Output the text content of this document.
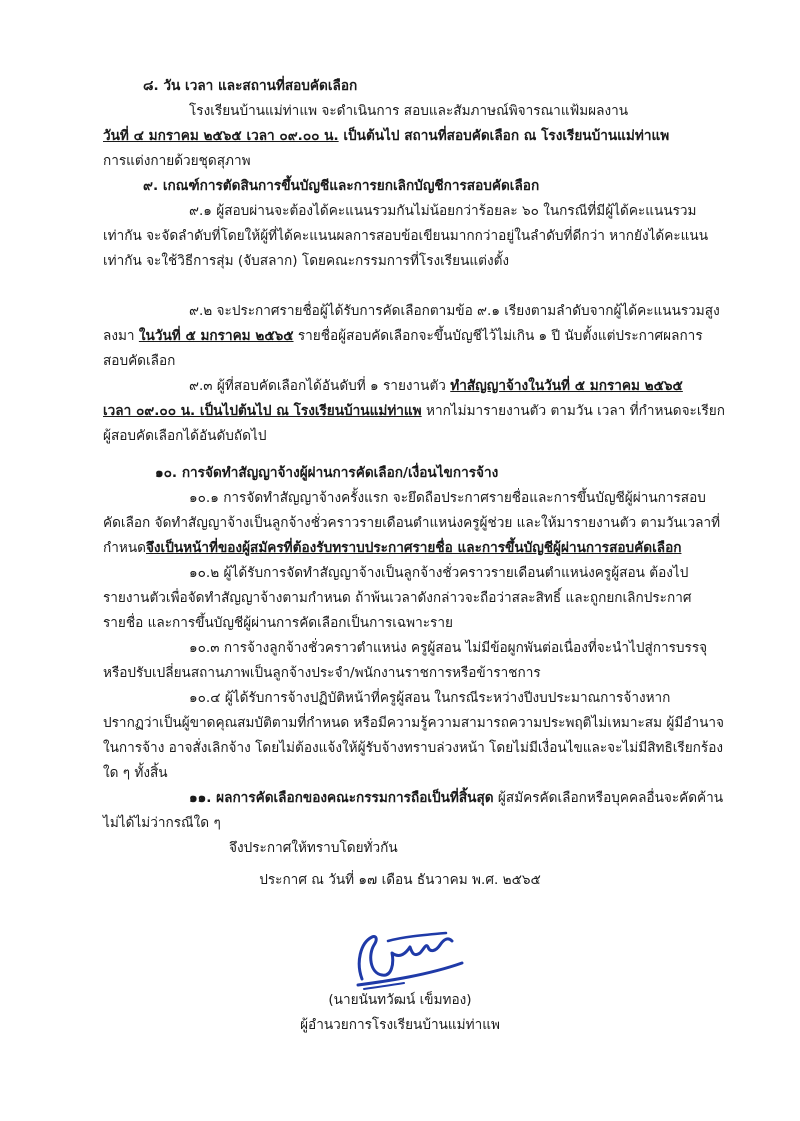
๘. วัน เวลา และสถานที่สอบคัดเลือก
โรงเรียนบ้านแม่ท่าแพ จะดำเนินการ สอบและสัมภาษณ์พิจารณาแฟ้มผลงาน
วันที่ ๔ มกราคม ๒๕๖๕ เวลา ๐๙.๐๐ น. เป็นต้นไป สถานที่สอบคัดเลือก ณ โรงเรียนบ้านแม่ท่าแพ
การแต่งกายด้วยชุดสุภาพ
๙. เกณฑ์การตัดสินการขึ้นบัญชีและการยกเลิกบัญชีการสอบคัดเลือก
๙.๑ ผู้สอบผ่านจะต้องได้คะแนนรวมกันไม่น้อยกว่าร้อยละ ๖๐ ในกรณีที่มีผู้ได้คะแนนรวม
เท่ากัน จะจัดลำดับที่โดยให้ผู้ที่ได้คะแนนผลการสอบข้อเขียนมากกว่าอยู่ในลำดับที่ดีกว่า หากยังได้คะแนน
เท่ากัน จะใช้วิธีการสุ่ม (จับสลาก) โดยคณะกรรมการที่โรงเรียนแต่งตั้ง
๙.๒ จะประกาศรายชื่อผู้ได้รับการคัดเลือกตามข้อ ๙.๑ เรียงตามลำดับจากผู้ได้คะแนนรวมสูง
ลงมา ในวันที่ ๕ มกราคม ๒๕๖๕ รายชื่อผู้สอบคัดเลือกจะขึ้นบัญชีไว้ไม่เกิน ๑ ปี นับตั้งแต่ประกาศผลการ
สอบคัดเลือก
๙.๓ ผู้ที่สอบคัดเลือกได้อันดับที่ ๑ รายงานตัว ทำสัญญาจ้างในวันที่ ๕ มกราคม ๒๕๖๕
เวลา ๐๙.๐๐ น. เป็นไปต้นไป ณ โรงเรียนบ้านแม่ท่าแพ หากไม่มารายงานตัว ตามวัน เวลา ที่กำหนดจะเรียก
ผู้สอบคัดเลือกได้อันดับถัดไป
๑๐. การจัดทำสัญญาจ้างผู้ผ่านการคัดเลือก/เงื่อนไขการจ้าง
๑๐.๑ การจัดทำสัญญาจ้างครั้งแรก จะยึดถือประกาศรายชื่อและการขึ้นบัญชีผู้ผ่านการสอบ
คัดเลือก จัดทำสัญญาจ้างเป็นลูกจ้างชั่วคราวรายเดือนตำแหน่งครูผู้ช่วย และให้มารายงานตัว ตามวันเวลาที่
กำหนดจึงเป็นหน้าที่ของผู้สมัครที่ต้องรับทราบประกาศรายชื่อ และการขึ้นบัญชีผู้ผ่านการสอบคัดเลือก
๑๐.๒ ผู้ได้รับการจัดทำสัญญาจ้างเป็นลูกจ้างชั่วคราวรายเดือนตำแหน่งครูผู้สอน ต้องไป
รายงานตัวเพื่อจัดทำสัญญาจ้างตามกำหนด ถ้าพ้นเวลาดังกล่าวจะถือว่าสละสิทธิ์ และถูกยกเลิกประกาศ
รายชื่อ และการขึ้นบัญชีผู้ผ่านการคัดเลือกเป็นการเฉพาะราย
๑๐.๓ การจ้างลูกจ้างชั่วคราวตำแหน่ง ครูผู้สอน ไม่มีข้อผูกพันต่อเนื่องที่จะนำไปสู่การบรรจุ
หรือปรับเปลี่ยนสถานภาพเป็นลูกจ้างประจำ/พนักงานราชการหรือข้าราชการ
๑๐.๔ ผู้ได้รับการจ้างปฏิบัติหน้าที่ครูผู้สอน ในกรณีระหว่างปีงบประมาณการจ้างหาก
ปรากฏว่าเป็นผู้ขาดคุณสมบัติตามที่กำหนด หรือมีความรู้ความสามารถความประพฤติไม่เหมาะสม ผู้มีอำนาจ
ในการจ้าง อาจสั่งเลิกจ้าง โดยไม่ต้องแจ้งให้ผู้รับจ้างทราบล่วงหน้า โดยไม่มีเงื่อนไขและจะไม่มีสิทธิเรียกร้อง
ใด ๆ ทั้งสิ้น
๑๑. ผลการคัดเลือกของคณะกรรมการถือเป็นที่สิ้นสุด ผู้สมัครคัดเลือกหรือบุคคลอื่นจะคัดค้าน
ไม่ได้ไม่ว่ากรณีใด ๆ
จึงประกาศให้ทราบโดยทั่วกัน
ประกาศ ณ วันที่ ๑๗ เดือน ธันวาคม พ.ศ. ๒๕๖๕
(นายนันทวัฒน์ เข็มทอง)
ผู้อำนวยการโรงเรียนบ้านแม่ท่าแพ
